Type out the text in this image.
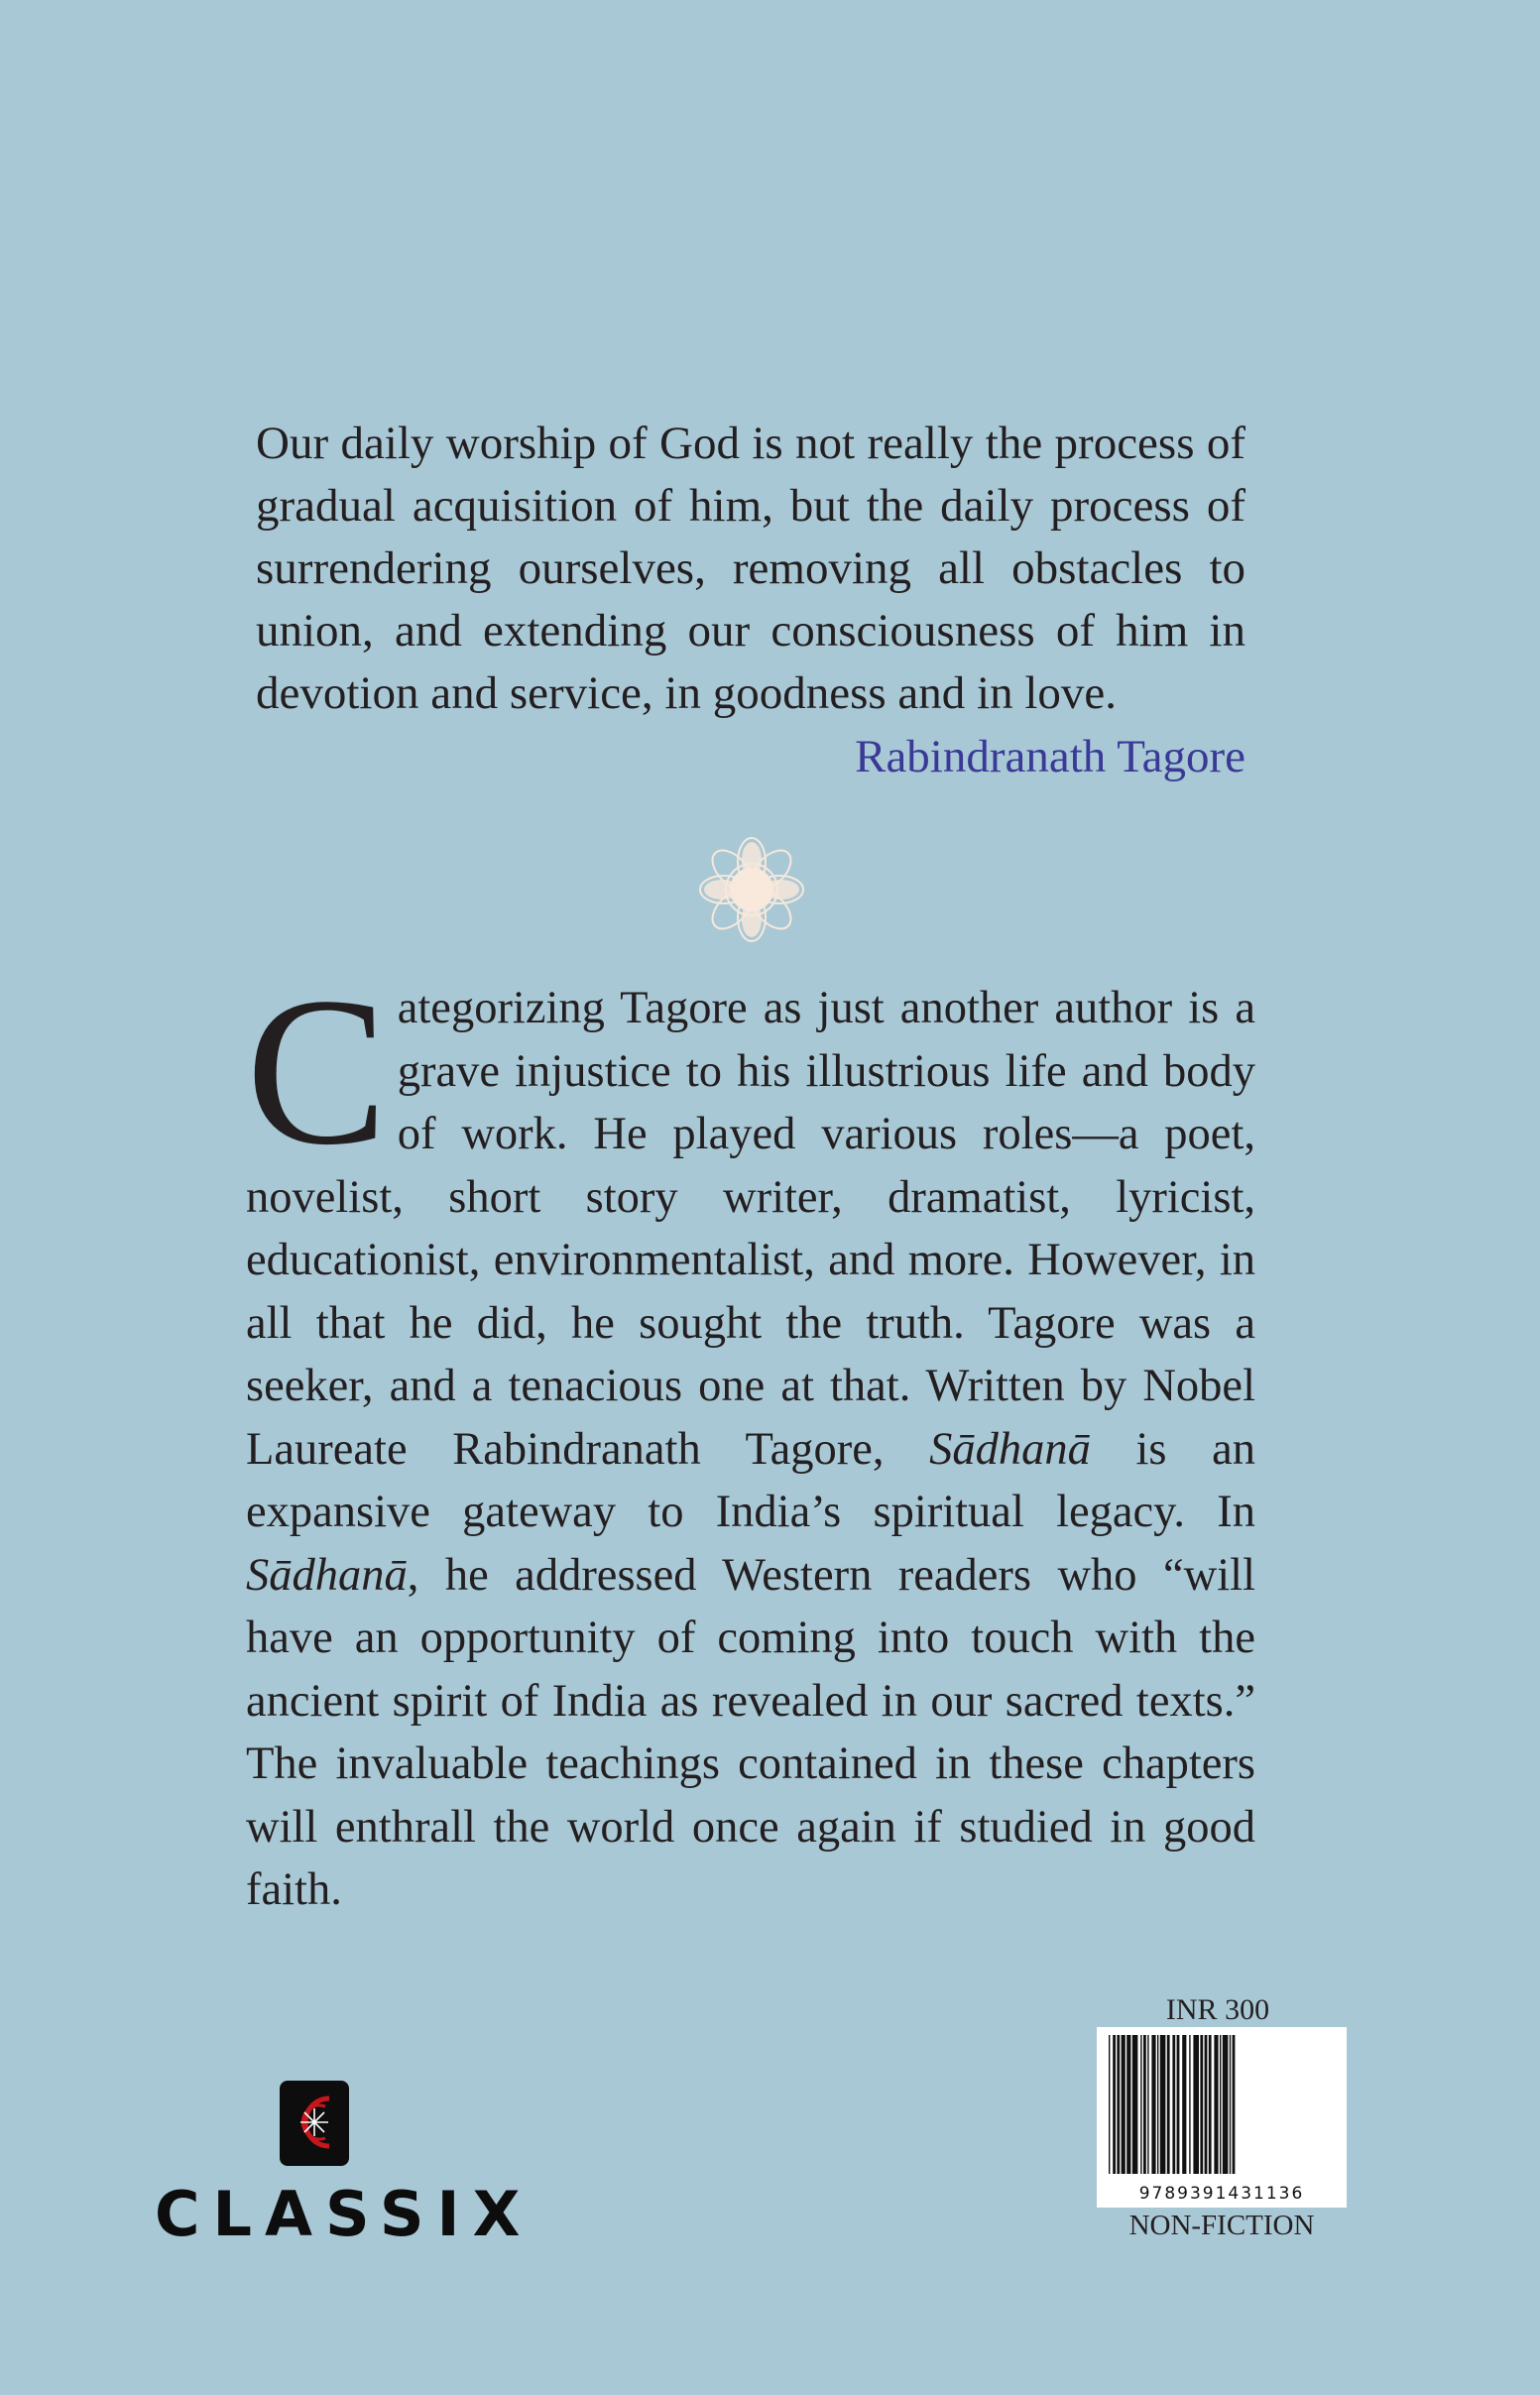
Our daily worship of God is not really the process of gradual acquisition of him, but the daily process of surrendering ourselves, removing all obstacles to union, and extending our consciousness of him in devotion and service, in goodness and in love.
Rabindranath Tagore
Categorizing Tagore as just another author is a grave injustice to his illustrious life and body of work. He played various roles—a poet, novelist, short story writer, dramatist, lyricist, educationist, environmentalist, and more. However, in all that he did, he sought the truth. Tagore was a seeker, and a tenacious one at that. Written by Nobel Laureate Rabindranath Tagore, Sādhanā is an expansive gateway to India’s spiritual legacy. In Sādhanā, he addressed Western readers who “will have an opportunity of coming into touch with the ancient spirit of India as revealed in our sacred texts.” The invaluable teachings contained in these chapters will enthrall the world once again if studied in good faith.
CLASSIX
INR 300
9789391431136
NON-FICTION
